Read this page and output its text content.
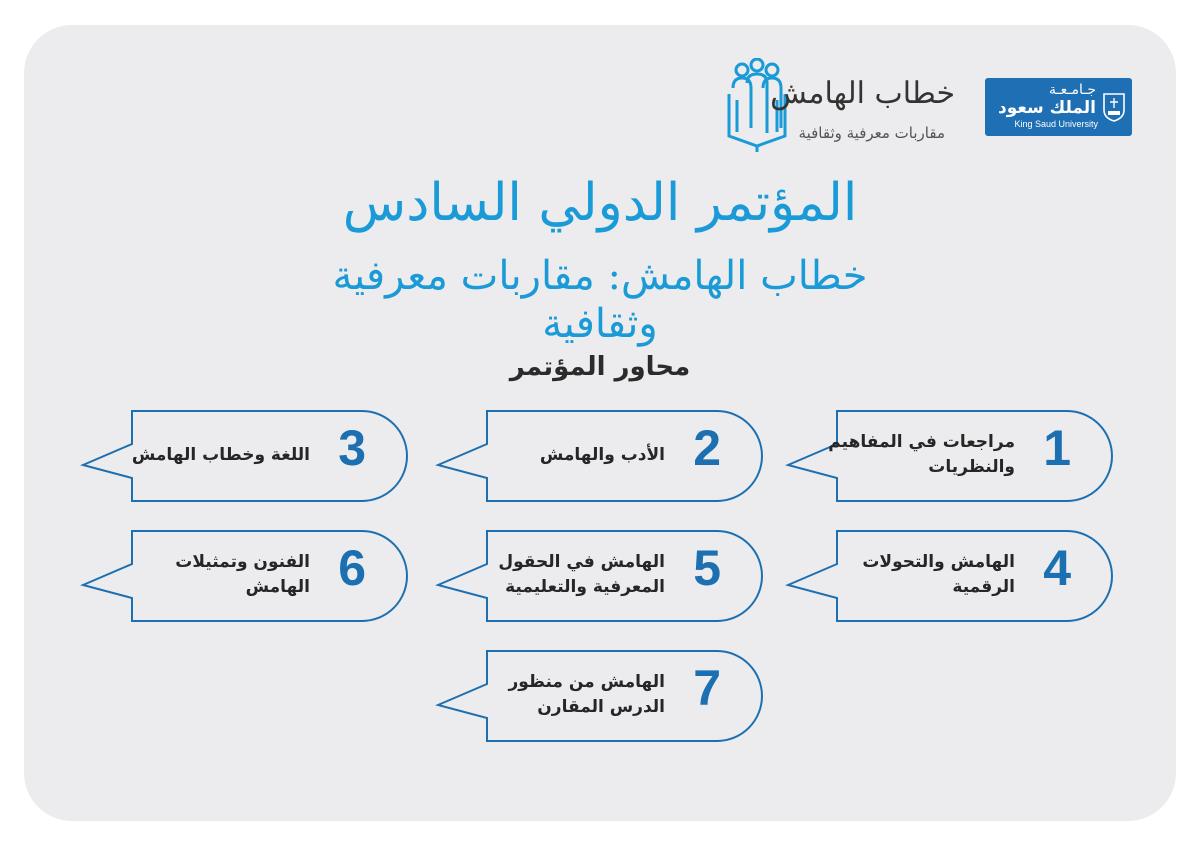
جـامـعـة
الملك سعود
King Saud University
خطاب الهامش
مقاربات معرفية وثقافية
المؤتمر الدولي السادس
خطاب الهامش: مقاربات معرفية وثقافية
محاور المؤتمر
1
مراجعات في المفاهيم والنظريات
2
الأدب والهامش
3
اللغة وخطاب الهامش
4
الهامش والتحولات الرقمية
5
الهامش في الحقول المعرفية والتعليمية
6
الفنون وتمثيلات الهامش
7
الهامش من منظور الدرس المقارن
